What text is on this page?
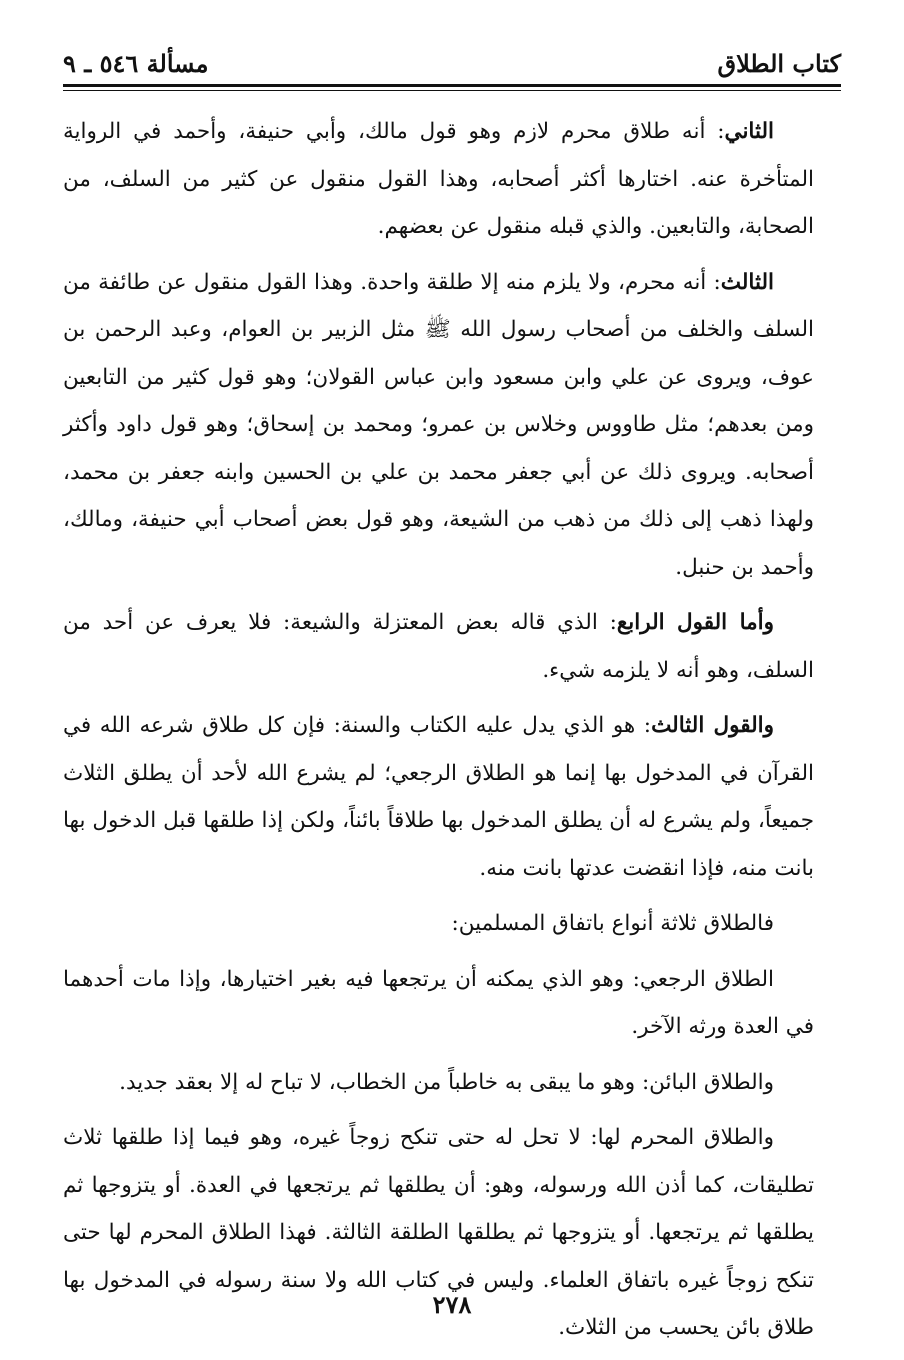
كتاب الطلاق
مسألة ٥٤٦ ـ ٩

الثاني: أنه طلاق محرم لازم وهو قول مالك، وأبي حنيفة، وأحمد في الرواية المتأخرة عنه. اختارها أكثر أصحابه، وهذا القول منقول عن كثير من السلف، من الصحابة، والتابعين. والذي قبله منقول عن بعضهم.

الثالث: أنه محرم، ولا يلزم منه إلا طلقة واحدة. وهذا القول منقول عن طائفة من السلف والخلف من أصحاب رسول الله ﷺ مثل الزبير بن العوام، وعبد الرحمن بن عوف، ويروى عن علي وابن مسعود وابن عباس القولان؛ وهو قول كثير من التابعين ومن بعدهم؛ مثل طاووس وخلاس بن عمرو؛ ومحمد بن إسحاق؛ وهو قول داود وأكثر أصحابه. ويروى ذلك عن أبي جعفر محمد بن علي بن الحسين وابنه جعفر بن محمد، ولهذا ذهب إلى ذلك من ذهب من الشيعة، وهو قول بعض أصحاب أبي حنيفة، ومالك، وأحمد بن حنبل.

وأما القول الرابع: الذي قاله بعض المعتزلة والشيعة: فلا يعرف عن أحد من السلف، وهو أنه لا يلزمه شيء.

والقول الثالث: هو الذي يدل عليه الكتاب والسنة: فإن كل طلاق شرعه الله في القرآن في المدخول بها إنما هو الطلاق الرجعي؛ لم يشرع الله لأحد أن يطلق الثلاث جميعاً، ولم يشرع له أن يطلق المدخول بها طلاقاً بائناً، ولكن إذا طلقها قبل الدخول بها بانت منه، فإذا انقضت عدتها بانت منه.

فالطلاق ثلاثة أنواع باتفاق المسلمين:

الطلاق الرجعي: وهو الذي يمكنه أن يرتجعها فيه بغير اختيارها، وإذا مات أحدهما في العدة ورثه الآخر.

والطلاق البائن: وهو ما يبقى به خاطباً من الخطاب، لا تباح له إلا بعقد جديد.

والطلاق المحرم لها: لا تحل له حتى تنكح زوجاً غيره، وهو فيما إذا طلقها ثلاث تطليقات، كما أذن الله ورسوله، وهو: أن يطلقها ثم يرتجعها في العدة. أو يتزوجها ثم يطلقها ثم يرتجعها. أو يتزوجها ثم يطلقها الطلقة الثالثة. فهذا الطلاق المحرم لها حتى تنكح زوجاً غيره باتفاق العلماء. وليس في كتاب الله ولا سنة رسوله في المدخول بها طلاق بائن يحسب من الثلاث.

٢٧٨
